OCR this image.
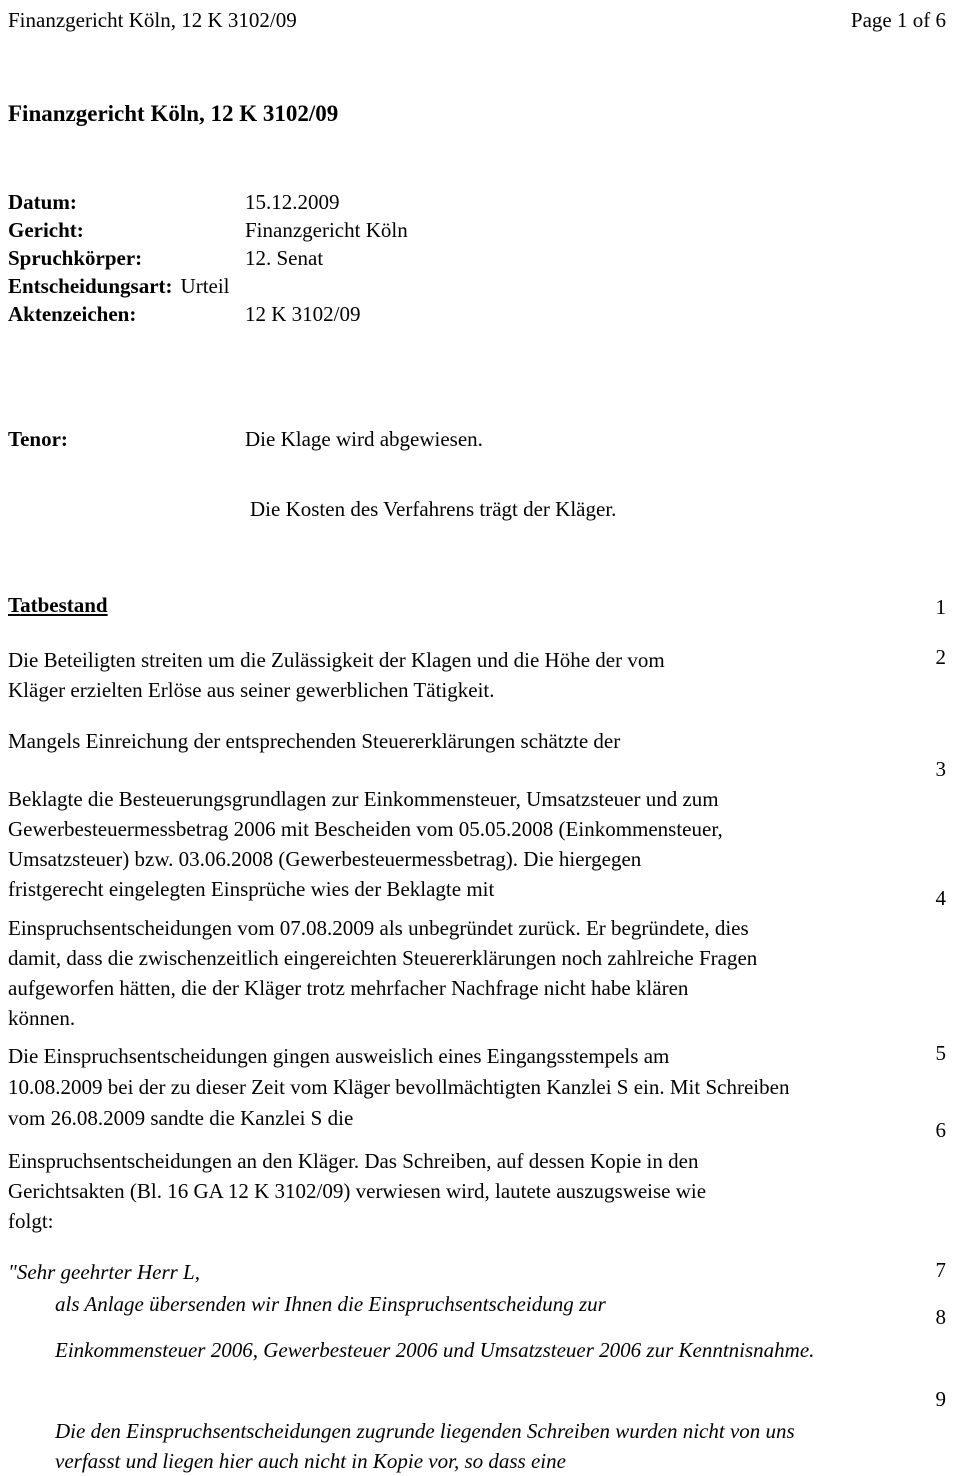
Finanzgericht Köln, 12 K 3102/09	Page 1 of 6
Finanzgericht Köln, 12 K 3102/09
Datum:	15.12.2009
Gericht:	Finanzgericht Köln
Spruchkörper:	12. Senat
Entscheidungsart: Urteil
Aktenzeichen:	12 K 3102/09
Tenor:	Die Klage wird abgewiesen.
Die Kosten des Verfahrens trägt der Kläger.
Tatbestand	1
Die Beteiligten streiten um die Zulässigkeit der Klagen und die Höhe der vom
Kläger erzielten Erlöse aus seiner gewerblichen Tätigkeit.
2
Mangels Einreichung der entsprechenden Steuererklärungen schätzte der
3
Beklagte die Besteuerungsgrundlagen zur Einkommensteuer, Umsatzsteuer und zum
Gewerbesteuermessbetrag 2006 mit Bescheiden vom 05.05.2008 (Einkommensteuer,
Umsatzsteuer) bzw. 03.06.2008 (Gewerbesteuermessbetrag). Die hiergegen
fristgerecht eingelegten Einsprüche wies der Beklagte mit	4
Einspruchsentscheidungen vom 07.08.2009 als unbegründet zurück. Er begründete, dies
damit, dass die zwischenzeitlich eingereichten Steuererklärungen noch zahlreiche Fragen
aufgeworfen hätten, die der Kläger trotz mehrfacher Nachfrage nicht habe klären
können.
Die Einspruchsentscheidungen gingen ausweislich eines Eingangsstempels am
10.08.2009 bei der zu dieser Zeit vom Kläger bevollmächtigten Kanzlei S ein. Mit Schreiben
vom 26.08.2009 sandte die Kanzlei S die
5
6
Einspruchsentscheidungen an den Kläger. Das Schreiben, auf dessen Kopie in den
Gerichtsakten (Bl. 16 GA 12 K 3102/09) verwiesen wird, lautete auszugsweise wie
folgt:
"Sehr geehrter Herr L,	7
als Anlage übersenden wir Ihnen die Einspruchsentscheidung zur
8
Einkommensteuer 2006, Gewerbesteuer 2006 und Umsatzsteuer 2006 zur Kenntnisnahme.
9
Die den Einspruchsentscheidungen zugrunde liegenden Schreiben wurden nicht von uns
verfasst und liegen hier auch nicht in Kopie vor, so dass eine
